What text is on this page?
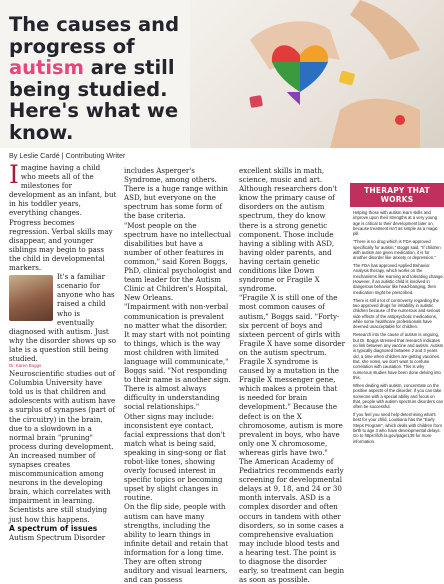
The causes and progress of autism are still being studied. Here's what we know.
By Leslie Cardé | Contributing Writer

Imagine having a child who meets all of the milestones for development as an infant, but in his toddler years, everything changes.

Progress becomes regression. Verbal skills may disappear, and younger siblings may begin to pass the child in developmental markers.

It's a familiar scenario for anyone who has raised a child who is eventually diagnosed with autism. Just why the disorder shows up so late is a question still being studied.

Dr. Karen Boggs

Neuroscientific studies out of Columbia University have told us is that children and adolescents with autism have a surplus of synapses (part of the circuitry) in the brain, due to a slowdown in a normal brain "pruning" process during development.

An increased number of synapses creates miscommunication among neurons in the developing brain, which correlates with impairment in learning.

Scientists are still studying just how this happens.

A spectrum of issues

Autism Spectrum Disorder

includes Asperger's Syndrome, among others. There is a huge range within ASD, but everyone on the spectrum has some form of the base criteria.

"Most people on the spectrum have no intellectual disabilities but have a number of other features in common," said Koren Boggs, PhD, clinical psychologist and team leader for the Autism Clinic at Children's Hospital, New Orleans.

"Impairment with non-verbal communication is prevalent no matter what the disorder. It may start with not pointing to things, which is the way most children with limited language will communicate," Boggs said. "Not responding to their name is another sign. There is almost always difficulty in understanding social relationships."

Other signs may include: inconsistent eye contact, facial expressions that don't match what is being said, speaking in sing-song or flat robot-like tones, showing overly focused interest in specific topics or becoming upset by slight changes in routine.

On the flip side, people with autism can have many strengths, including the ability to learn things in infinite detail and retain that information for a long time. They are often strong auditory and visual learners, and can possess

excellent skills in math, science, music and art.

Although researchers don't know the primary cause of disorders on the autism spectrum, they do know there is a strong genetic component. Those include having a sibling with ASD, having older parents, and having certain genetic conditions like Down syndrome or Fragile X syndrome.

"Fragile X is still one of the most common causes of autism," Boggs said. "Forty-six percent of boys and sixteen percent of girls with Fragile X have some disorder on the autism spectrum. Fragile X syndrome is caused by a mutation in the Fragile X messenger gene, which makes a protein that is needed for brain development." Because the defect is on the X chromosome, autism is more prevalent in boys, who have only one X chromosome, whereas girls have two."

The American Academy of Pediatrics recommends early screening for developmental delays at 9, 18, and 24 or 30 month intervals. ASD is a complex disorder and often occurs in tandem with other disorders, so in some cases a comprehensive evaluation may include blood tests and a hearing test. The point is to diagnose the disorder early, so treatment can begin as soon as possible.

THERAPY THAT WORKS

Helping those with autism learn skills and improve upon their strengths at a very young age is critical to their development later on, because treatment isn't as simple as a magic pill.

"There is no drug which is FDA-approved specifically for autism," Boggs said. "If children with autism are given medication, it is for another disorder like anxiety or depression."

The FDA has approved Applied Behavior Analysis therapy, which works on the mechanisms like learning and tolerating change. However, if an autistic child is involved in dangerous behavior like head-banging, then medication might be prescribed.

There is still a lot of controversy regarding the two approved drugs for irritability in autistic children because of the numerous and serious side effects of the antipsychotic medications, while some healthcare professionals have deemed unacceptable for children.

Research into the cause of autism is ongoing, but Dr. Boggs stressed that research indicates no link between any vaccine and autism. Autism is typically diagnosed between 2 and 3 years old, a time when children are getting vaccines. But, she notes, we don't want to confuse correlation with causation. This is why numerous studies have been done delving into this.

When dealing with autism, concentrate on the positive aspects of the disorder. If you can take someone with a special ability and focus on that, people with autism spectrum disorders can often be successful.

If you feel you need help determining what's best for your child, Louisiana has the "Early Steps Program", which deals with children from birth to age 3 who have developmental delays. Go to https://ldh.la.gov/page/139 for more information.
